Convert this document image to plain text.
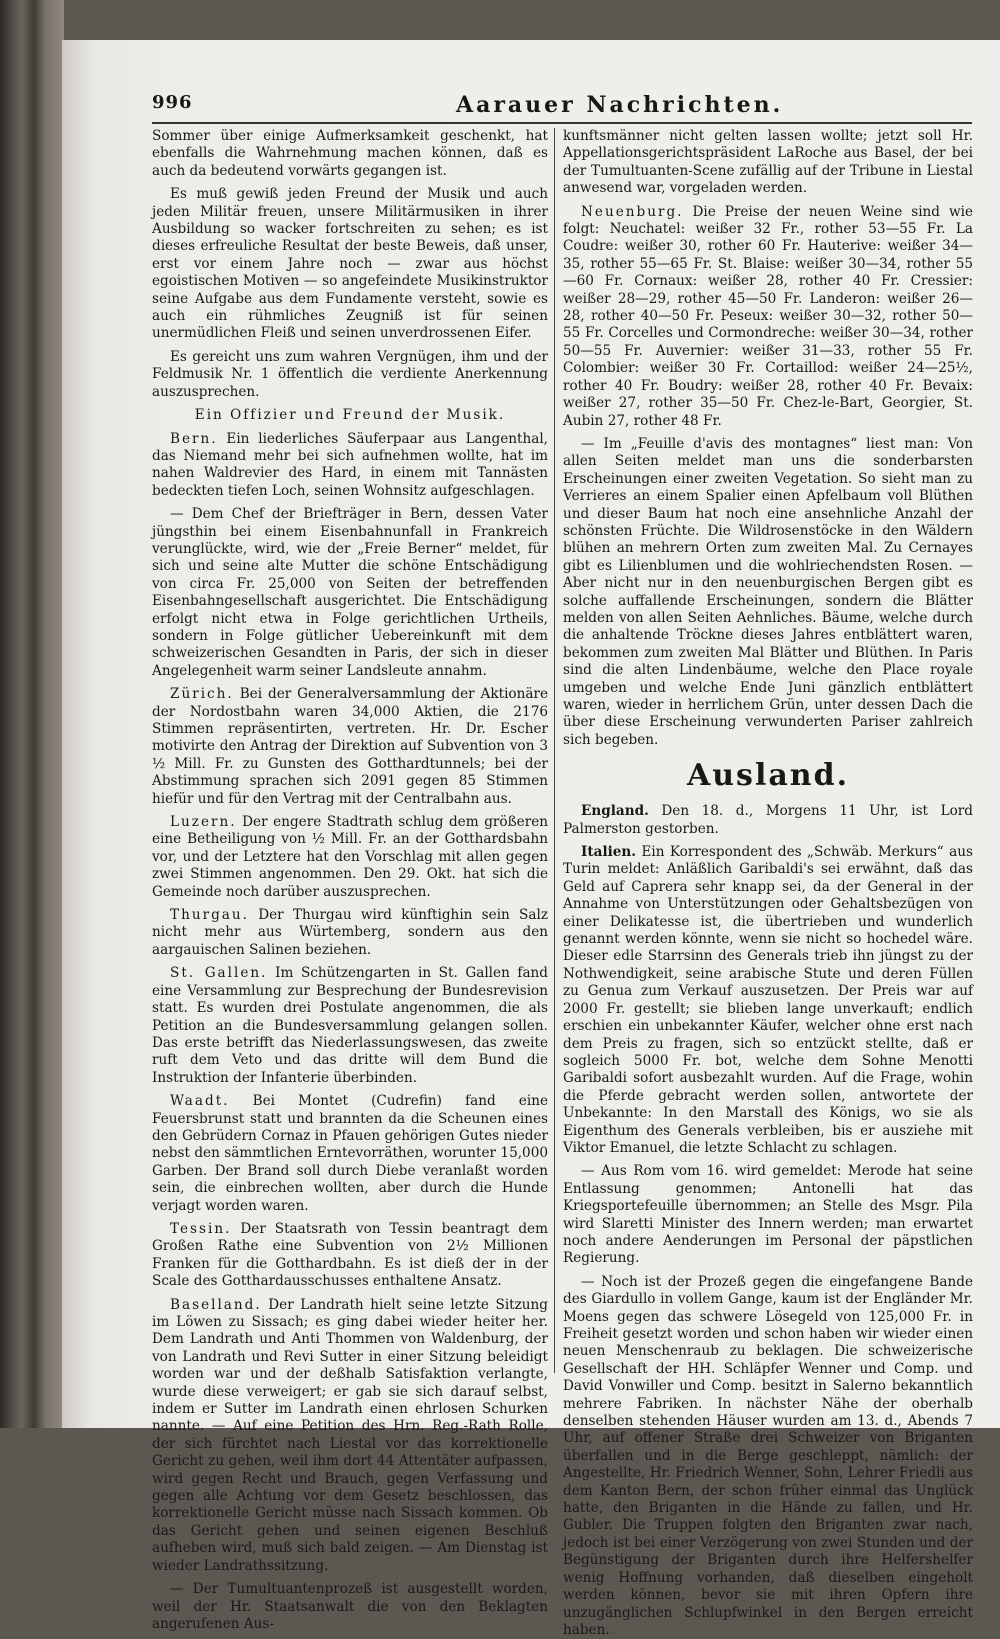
996	Aarauer Nachrichten.

Sommer über einige Aufmerksamkeit geschenkt, hat ebenfalls die Wahrnehmung machen können, daß es auch da bedeutend vorwärts gegangen ist.

Es muß gewiß jeden Freund der Musik und auch jeden Militär freuen, unsere Militärmusiken in ihrer Ausbildung so wacker fortschreiten zu sehen; es ist dieses erfreuliche Resultat der beste Beweis, daß unser, erst vor einem Jahre noch — zwar aus höchst egoistischen Motiven — so angefeindete Musikinstruktor seine Aufgabe aus dem Fundamente versteht, sowie es auch ein rühmliches Zeugniß ist für seinen unermüdlichen Fleiß und seinen unverdrossenen Eifer.

Es gereicht uns zum wahren Vergnügen, ihm und der Feldmusik Nr. 1 öffentlich die verdiente Anerkennung auszusprechen.

Ein Offizier und Freund der Musik.

Bern. Ein liederliches Säuferpaar aus Langenthal, das Niemand mehr bei sich aufnehmen wollte, hat im nahen Waldrevier des Hard, in einem mit Tannästen bedeckten tiefen Loch, seinen Wohnsitz aufgeschlagen.

— Dem Chef der Briefträger in Bern, dessen Vater jüngsthin bei einem Eisenbahnunfall in Frankreich verunglückte, wird, wie der „Freie Berner“ meldet, für sich und seine alte Mutter die schöne Entschädigung von circa Fr. 25,000 von Seiten der betreffenden Eisenbahngesellschaft ausgerichtet. Die Entschädigung erfolgt nicht etwa in Folge gerichtlichen Urtheils, sondern in Folge gütlicher Uebereinkunft mit dem schweizerischen Gesandten in Paris, der sich in dieser Angelegenheit warm seiner Landsleute annahm.

Zürich. Bei der Generalversammlung der Aktionäre der Nordostbahn waren 34,000 Aktien, die 2176 Stimmen repräsentirten, vertreten. Hr. Dr. Escher motivirte den Antrag der Direktion auf Subvention von 3 ½ Mill. Fr. zu Gunsten des Gotthardtunnels; bei der Abstimmung sprachen sich 2091 gegen 85 Stimmen hiefür und für den Vertrag mit der Centralbahn aus.

Luzern. Der engere Stadtrath schlug dem größeren eine Betheiligung von ½ Mill. Fr. an der Gotthardsbahn vor, und der Letztere hat den Vorschlag mit allen gegen zwei Stimmen angenommen. Den 29. Okt. hat sich die Gemeinde noch darüber auszusprechen.

Thurgau. Der Thurgau wird künftighin sein Salz nicht mehr aus Würtemberg, sondern aus den aargauischen Salinen beziehen.

St. Gallen. Im Schützengarten in St. Gallen fand eine Versammlung zur Besprechung der Bundesrevision statt. Es wurden drei Postulate angenommen, die als Petition an die Bundesversammlung gelangen sollen. Das erste betrifft das Niederlassungswesen, das zweite ruft dem Veto und das dritte will dem Bund die Instruktion der Infanterie überbinden.

Waadt. Bei Montet (Cudrefin) fand eine Feuersbrunst statt und brannten da die Scheunen eines den Gebrüdern Cornaz in Pfauen gehörigen Gutes nieder nebst den sämmtlichen Erntevorräthen, worunter 15,000 Garben. Der Brand soll durch Diebe veranlaßt worden sein, die einbrechen wollten, aber durch die Hunde verjagt worden waren.

Tessin. Der Staatsrath von Tessin beantragt dem Großen Rathe eine Subvention von 2½ Millionen Franken für die Gotthardbahn. Es ist dieß der in der Scale des Gotthardausschusses enthaltene Ansatz.

Baselland. Der Landrath hielt seine letzte Sitzung im Löwen zu Sissach; es ging dabei wieder heiter her. Dem Landrath und Anti Thommen von Waldenburg, der von Landrath und Revi Sutter in einer Sitzung beleidigt worden war und der deßhalb Satisfaktion verlangte, wurde diese verweigert; er gab sie sich darauf selbst, indem er Sutter im Landrath einen ehrlosen Schurken nannte. — Auf eine Petition des Hrn. Reg.-Rath Rolle, der sich fürchtet nach Liestal vor das korrektionelle Gericht zu gehen, weil ihm dort 44 Attentäter aufpassen, wird gegen Recht und Brauch, gegen Verfassung und gegen alle Achtung vor dem Gesetz beschlossen, das korrektionelle Gericht müsse nach Sissach kommen. Ob das Gericht gehen und seinen eigenen Beschluß aufheben wird, muß sich bald zeigen. — Am Dienstag ist wieder Landrathssitzung.

— Der Tumultuantenprozeß ist ausgestellt worden, weil der Hr. Staatsanwalt die von den Beklagten angerufenen Aus-

kunftsmänner nicht gelten lassen wollte; jetzt soll Hr. Appellationsgerichtspräsident LaRoche aus Basel, der bei der Tumultuanten-Scene zufällig auf der Tribune in Liestal anwesend war, vorgeladen werden.

Neuenburg. Die Preise der neuen Weine sind wie folgt: Neuchatel: weißer 32 Fr., rother 53—55 Fr. La Coudre: weißer 30, rother 60 Fr. Hauterive: weißer 34—35, rother 55—65 Fr. St. Blaise: weißer 30—34, rother 55—60 Fr. Cornaux: weißer 28, rother 40 Fr. Cressier: weißer 28—29, rother 45—50 Fr. Landeron: weißer 26—28, rother 40—50 Fr. Peseux: weißer 30—32, rother 50—55 Fr. Corcelles und Cormondreche: weißer 30—34, rother 50—55 Fr. Auvernier: weißer 31—33, rother 55 Fr. Colombier: weißer 30 Fr. Cortaillod: weißer 24—25½, rother 40 Fr. Boudry: weißer 28, rother 40 Fr. Bevaix: weißer 27, rother 35—50 Fr. Chez-le-Bart, Georgier, St. Aubin 27, rother 48 Fr.

— Im „Feuille d'avis des montagnes“ liest man: Von allen Seiten meldet man uns die sonderbarsten Erscheinungen einer zweiten Vegetation. So sieht man zu Verrieres an einem Spalier einen Apfelbaum voll Blüthen und dieser Baum hat noch eine ansehnliche Anzahl der schönsten Früchte. Die Wildrosenstöcke in den Wäldern blühen an mehrern Orten zum zweiten Mal. Zu Cernayes gibt es Lilienblumen und die wohlriechendsten Rosen. — Aber nicht nur in den neuenburgischen Bergen gibt es solche auffallende Erscheinungen, sondern die Blätter melden von allen Seiten Aehnliches. Bäume, welche durch die anhaltende Tröckne dieses Jahres entblättert waren, bekommen zum zweiten Mal Blätter und Blüthen. In Paris sind die alten Lindenbäume, welche den Place royale umgeben und welche Ende Juni gänzlich entblättert waren, wieder in herrlichem Grün, unter dessen Dach die über diese Erscheinung verwunderten Pariser zahlreich sich begeben.

Ausland.

England. Den 18. d., Morgens 11 Uhr, ist Lord Palmerston gestorben.

Italien. Ein Korrespondent des „Schwäb. Merkurs“ aus Turin meldet: Anläßlich Garibaldi's sei erwähnt, daß das Geld auf Caprera sehr knapp sei, da der General in der Annahme von Unterstützungen oder Gehaltsbezügen von einer Delikatesse ist, die übertrieben und wunderlich genannt werden könnte, wenn sie nicht so hochedel wäre. Dieser edle Starrsinn des Generals trieb ihn jüngst zu der Nothwendigkeit, seine arabische Stute und deren Füllen zu Genua zum Verkauf auszusetzen. Der Preis war auf 2000 Fr. gestellt; sie blieben lange unverkauft; endlich erschien ein unbekannter Käufer, welcher ohne erst nach dem Preis zu fragen, sich so entzückt stellte, daß er sogleich 5000 Fr. bot, welche dem Sohne Menotti Garibaldi sofort ausbezahlt wurden. Auf die Frage, wohin die Pferde gebracht werden sollen, antwortete der Unbekannte: In den Marstall des Königs, wo sie als Eigenthum des Generals verbleiben, bis er ausziehe mit Viktor Emanuel, die letzte Schlacht zu schlagen.

— Aus Rom vom 16. wird gemeldet: Merode hat seine Entlassung genommen; Antonelli hat das Kriegsportefeuille übernommen; an Stelle des Msgr. Pila wird Slaretti Minister des Innern werden; man erwartet noch andere Aenderungen im Personal der päpstlichen Regierung.

— Noch ist der Prozeß gegen die eingefangene Bande des Giardullo in vollem Gange, kaum ist der Engländer Mr. Moens gegen das schwere Lösegeld von 125,000 Fr. in Freiheit gesetzt worden und schon haben wir wieder einen neuen Menschenraub zu beklagen. Die schweizerische Gesellschaft der HH. Schläpfer Wenner und Comp. und David Vonwiller und Comp. besitzt in Salerno bekanntlich mehrere Fabriken. In nächster Nähe der oberhalb denselben stehenden Häuser wurden am 13. d., Abends 7 Uhr, auf offener Straße drei Schweizer von Briganten überfallen und in die Berge geschleppt, nämlich: der Angestellte, Hr. Friedrich Wenner, Sohn, Lehrer Friedli aus dem Kanton Bern, der schon früher einmal das Unglück hatte, den Briganten in die Hände zu fallen, und Hr. Gubler. Die Truppen folgten den Briganten zwar nach, jedoch ist bei einer Verzögerung von zwei Stunden und der Begünstigung der Briganten durch ihre Helfershelfer wenig Hoffnung vorhanden, daß dieselben eingeholt werden können, bevor sie mit ihren Opfern ihre unzugänglichen Schlupfwinkel in den Bergen erreicht haben.
